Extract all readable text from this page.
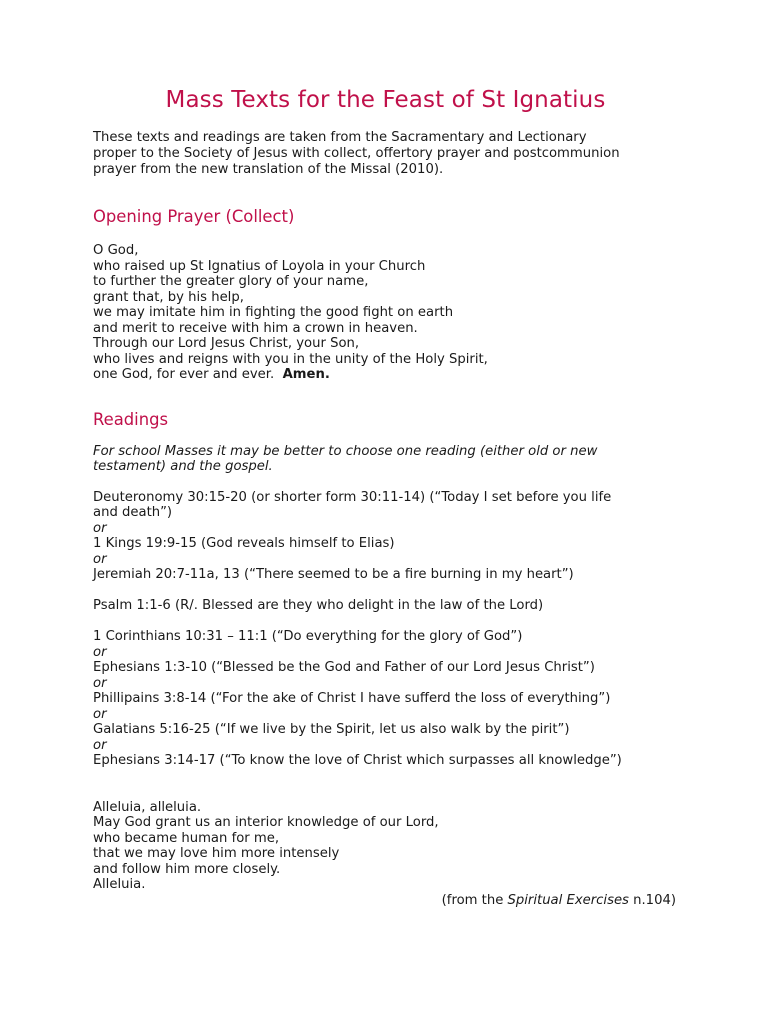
Mass Texts for the Feast of St Ignatius

These texts and readings are taken from the Sacramentary and Lectionary
proper to the Society of Jesus with collect, offertory prayer and postcommunion
prayer from the new translation of the Missal (2010).

Opening Prayer (Collect)

O God,
who raised up St Ignatius of Loyola in your Church
to further the greater glory of your name,
grant that, by his help,
we may imitate him in fighting the good fight on earth
and merit to receive with him a crown in heaven.
Through our Lord Jesus Christ, your Son,
who lives and reigns with you in the unity of the Holy Spirit,
one God, for ever and ever. Amen.

Readings

For school Masses it may be better to choose one reading (either old or new
testament) and the gospel.

Deuteronomy 30:15-20 (or shorter form 30:11-14) (“Today I set before you life
and death”)
or
1 Kings 19:9-15 (God reveals himself to Elias)
or
Jeremiah 20:7-11a, 13 (“There seemed to be a fire burning in my heart”)
Psalm 1:1-6 (R/. Blessed are they who delight in the law of the Lord)
1 Corinthians 10:31 – 11:1 (“Do everything for the glory of God”)
or
Ephesians 1:3-10 (“Blessed be the God and Father of our Lord Jesus Christ”)
or
Phillipains 3:8-14 (“For the ake of Christ I have sufferd the loss of everything”)
or
Galatians 5:16-25 (“If we live by the Spirit, let us also walk by the pirit”)
or
Ephesians 3:14-17 (“To know the love of Christ which surpasses all knowledge”)
Alleluia, alleluia.
May God grant us an interior knowledge of our Lord,
who became human for me,
that we may love him more intensely
and follow him more closely.
Alleluia.
(from the Spiritual Exercises n.104)
